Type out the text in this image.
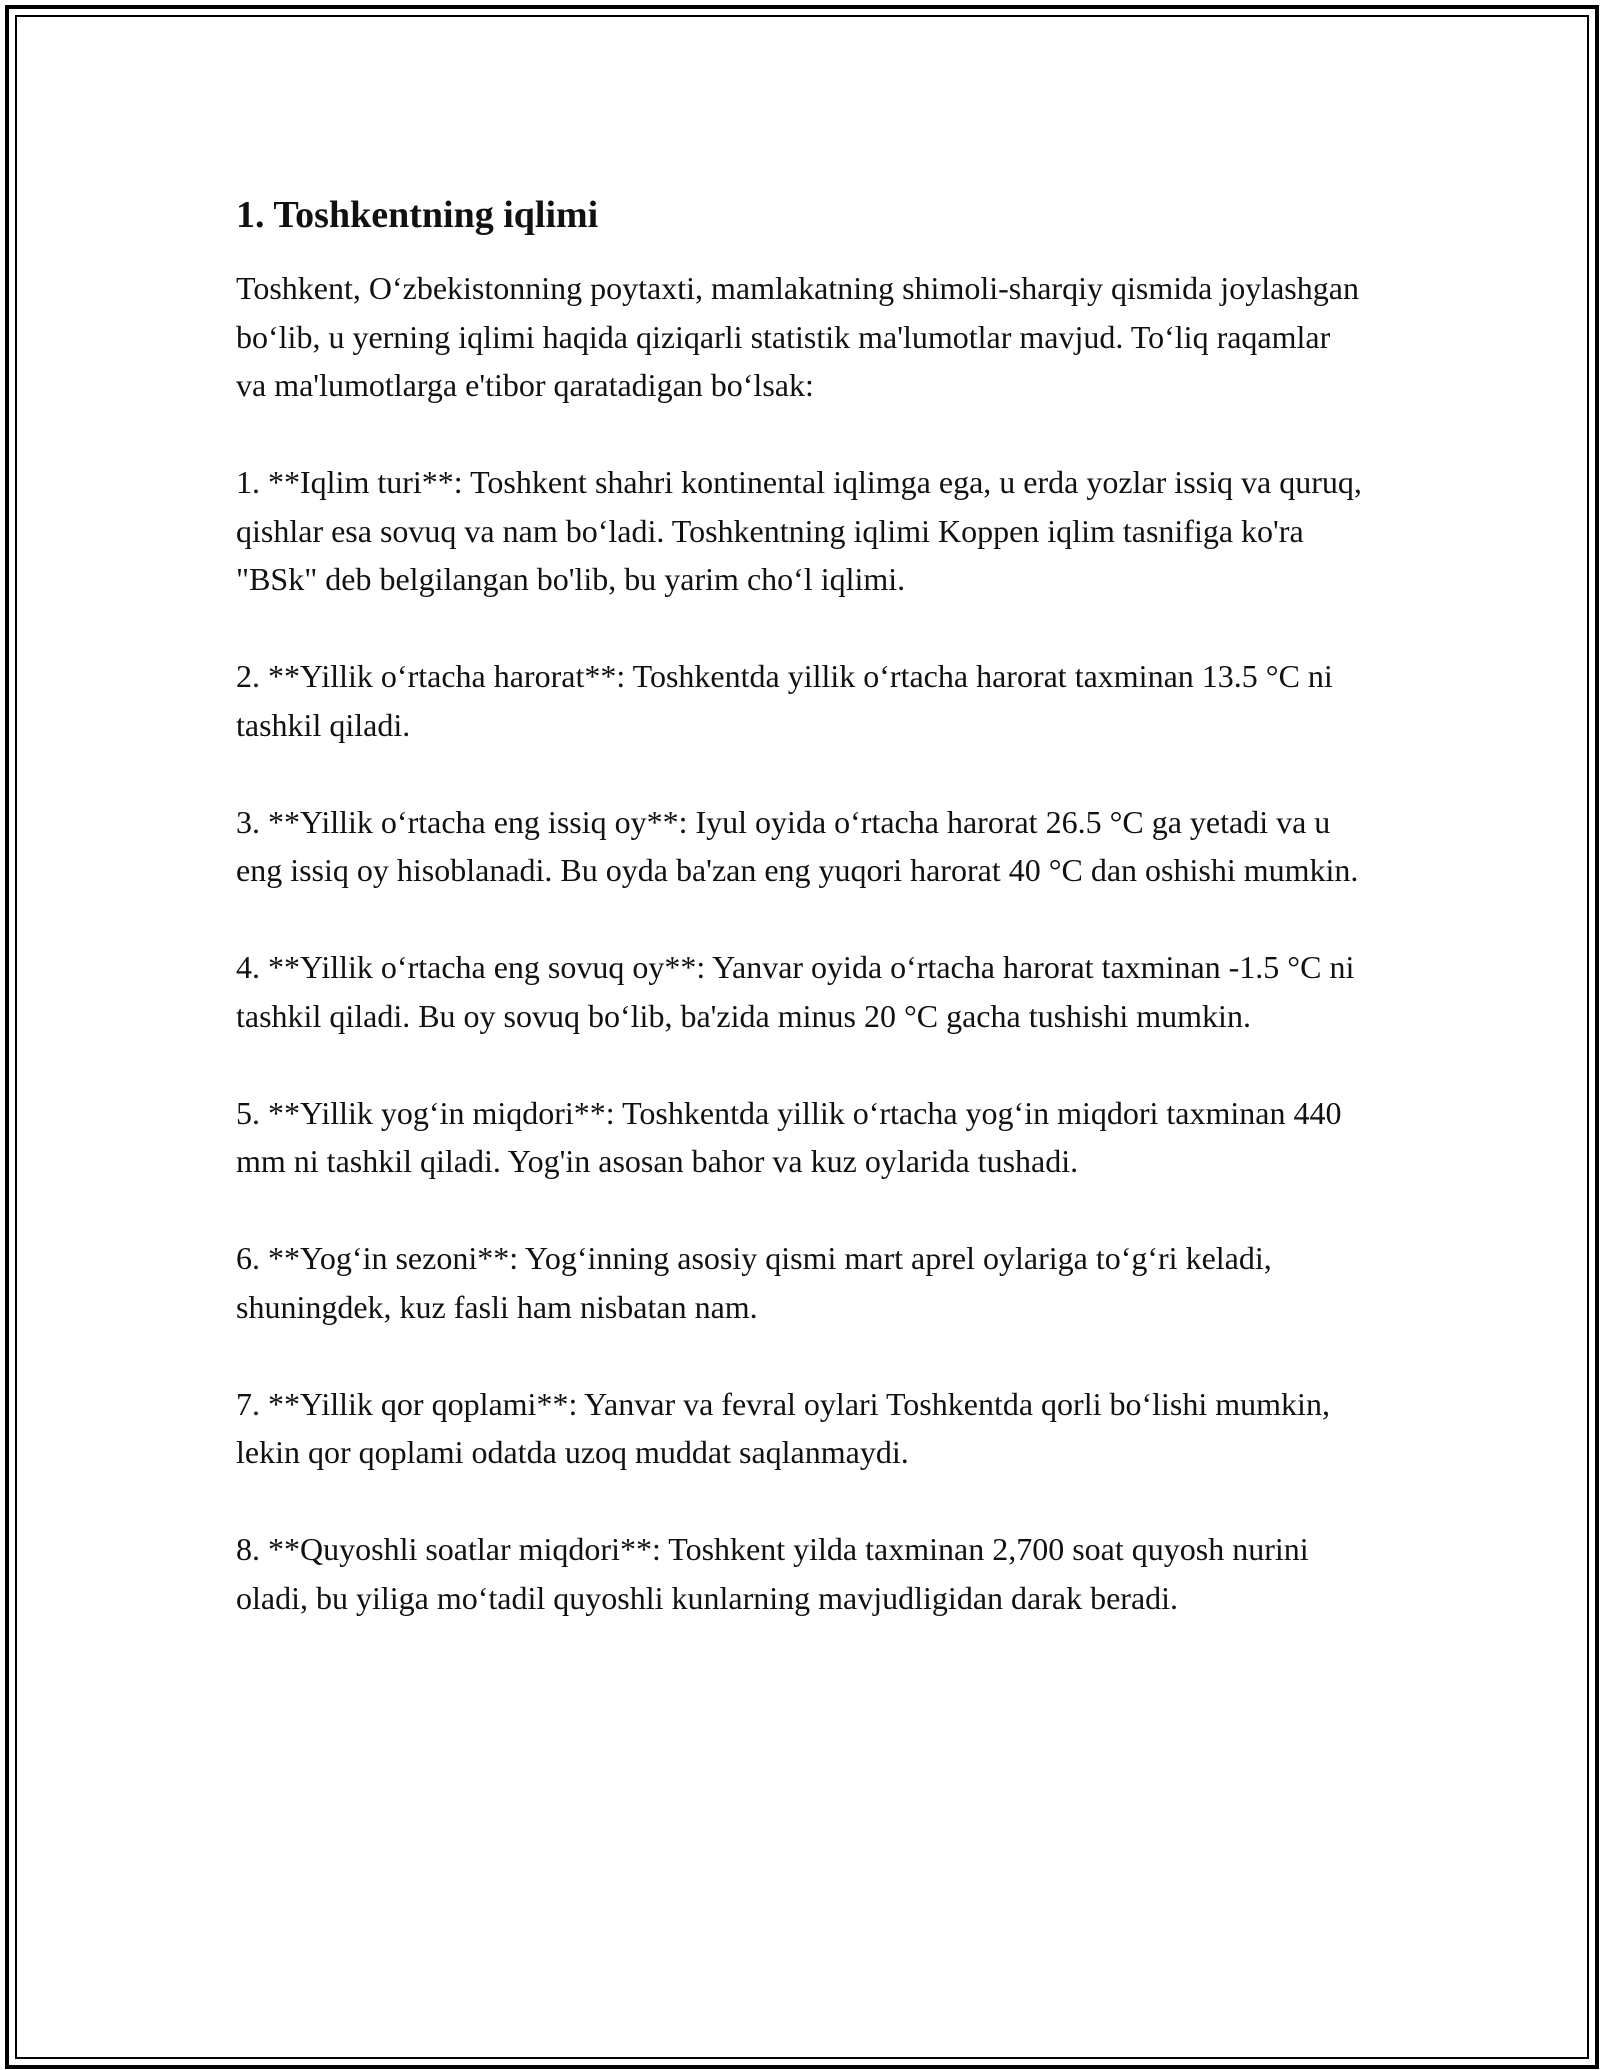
1. Toshkentning iqlimi

Toshkent, O‘zbekistonning poytaxti, mamlakatning shimoli-sharqiy qismida joylashgan bo‘lib, u yerning iqlimi haqida qiziqarli statistik ma'lumotlar mavjud. To‘liq raqamlar va ma'lumotlarga e'tibor qaratadigan bo‘lsak:

1. **Iqlim turi**: Toshkent shahri kontinental iqlimga ega, u erda yozlar issiq va quruq, qishlar esa sovuq va nam bo‘ladi. Toshkentning iqlimi Koppen iqlim tasnifiga ko'ra "BSk" deb belgilangan bo'lib, bu yarim cho‘l iqlimi.

2. **Yillik o‘rtacha harorat**: Toshkentda yillik o‘rtacha harorat taxminan 13.5 °C ni tashkil qiladi.

3. **Yillik o‘rtacha eng issiq oy**: Iyul oyida o‘rtacha harorat 26.5 °C ga yetadi va u eng issiq oy hisoblanadi. Bu oyda ba'zan eng yuqori harorat 40 °C dan oshishi mumkin.

4. **Yillik o‘rtacha eng sovuq oy**: Yanvar oyida o‘rtacha harorat taxminan -1.5 °C ni tashkil qiladi. Bu oy sovuq bo‘lib, ba'zida minus 20 °C gacha tushishi mumkin.

5. **Yillik yog‘in miqdori**: Toshkentda yillik o‘rtacha yog‘in miqdori taxminan 440 mm ni tashkil qiladi. Yog'in asosan bahor va kuz oylarida tushadi.

6. **Yog‘in sezoni**: Yog‘inning asosiy qismi mart aprel oylariga to‘g‘ri keladi, shuningdek, kuz fasli ham nisbatan nam.

7. **Yillik qor qoplami**: Yanvar va fevral oylari Toshkentda qorli bo‘lishi mumkin, lekin qor qoplami odatda uzoq muddat saqlanmaydi.

8. **Quyoshli soatlar miqdori**: Toshkent yilda taxminan 2,700 soat quyosh nurini oladi, bu yiliga mo‘tadil quyoshli kunlarning mavjudligidan darak beradi.
